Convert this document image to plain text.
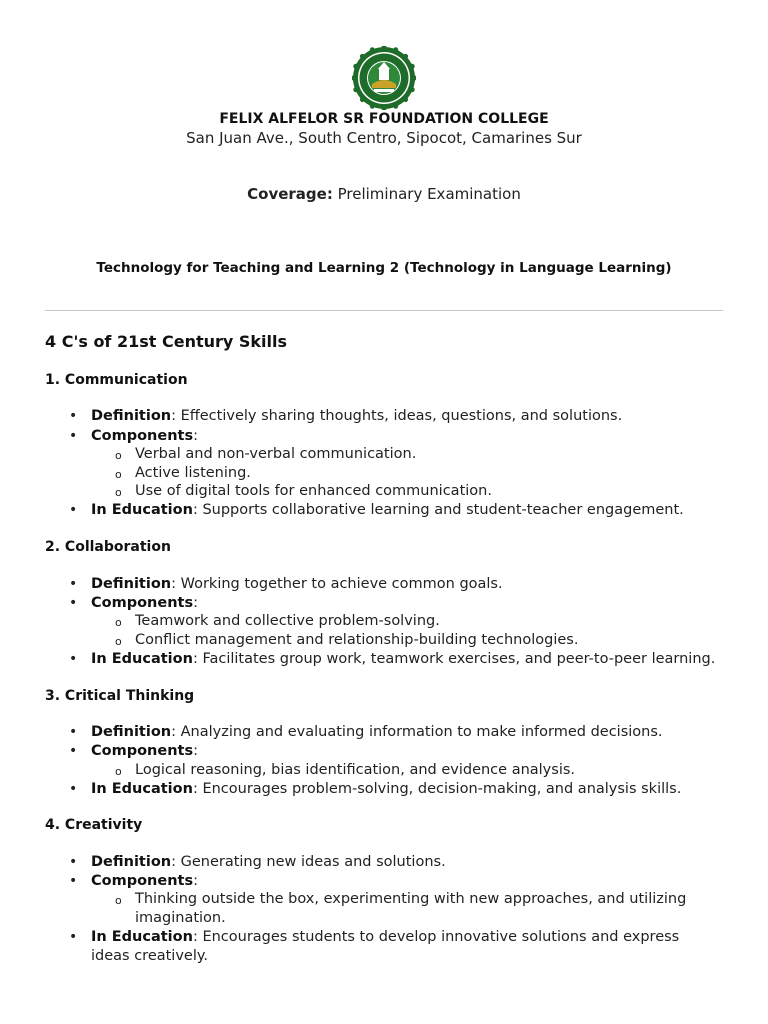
FELIX ALFELOR SR FOUNDATION COLLEGE
San Juan Ave., South Centro, Sipocot, Camarines Sur
Coverage: Preliminary Examination
Technology for Teaching and Learning 2 (Technology in Language Learning)
4 C's of 21st Century Skills
1. Communication
• Definition: Effectively sharing thoughts, ideas, questions, and solutions.
• Components:
o Verbal and non-verbal communication.
o Active listening.
o Use of digital tools for enhanced communication.
• In Education: Supports collaborative learning and student-teacher engagement.
2. Collaboration
• Definition: Working together to achieve common goals.
• Components:
o Teamwork and collective problem-solving.
o Conflict management and relationship-building technologies.
• In Education: Facilitates group work, teamwork exercises, and peer-to-peer learning.
3. Critical Thinking
• Definition: Analyzing and evaluating information to make informed decisions.
• Components:
o Logical reasoning, bias identification, and evidence analysis.
• In Education: Encourages problem-solving, decision-making, and analysis skills.
4. Creativity
• Definition: Generating new ideas and solutions.
• Components:
o Thinking outside the box, experimenting with new approaches, and utilizing imagination.
• In Education: Encourages students to develop innovative solutions and express ideas creatively.
